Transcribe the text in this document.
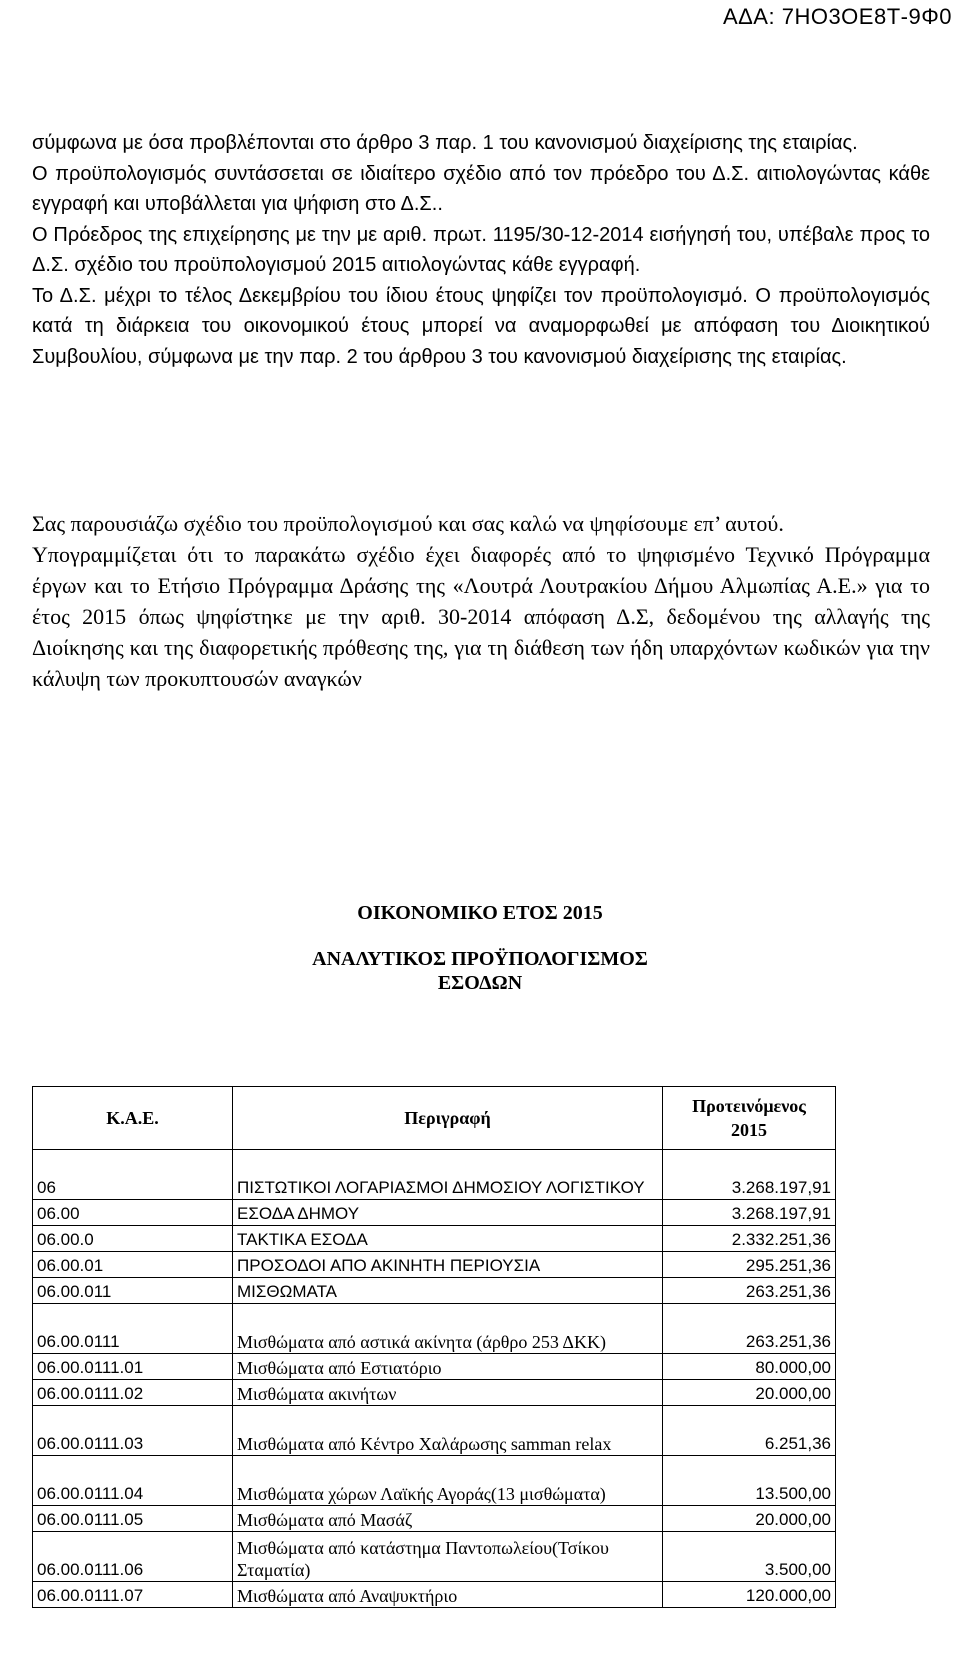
ΑΔΑ: 7ΗΟ3ΟΕ8Τ-9Φ0

σύμφωνα με όσα προβλέπονται στο άρθρο 3 παρ. 1 του κανονισμού διαχείρισης της εταιρίας.

Ο προϋπολογισμός συντάσσεται σε ιδιαίτερο σχέδιο από τον πρόεδρο του Δ.Σ. αιτιολογώντας κάθε εγγραφή και υποβάλλεται για ψήφιση στο Δ.Σ..

Ο Πρόεδρος της επιχείρησης με την με αριθ. πρωτ. 1195/30-12-2014 εισήγησή του, υπέβαλε προς το Δ.Σ. σχέδιο του προϋπολογισμού 2015 αιτιολογώντας κάθε εγγραφή.

Το Δ.Σ. μέχρι το τέλος Δεκεμβρίου του ίδιου έτους ψηφίζει τον προϋπολογισμό. Ο προϋπολογισμός κατά τη διάρκεια του οικονομικού έτους μπορεί να αναμορφωθεί με απόφαση του Διοικητικού Συμβουλίου, σύμφωνα με την παρ. 2 του άρθρου 3 του κανονισμού διαχείρισης της εταιρίας.

Σας παρουσιάζω σχέδιο του προϋπολογισμού και σας καλώ να ψηφίσουμε επ’ αυτού.

Υπογραμμίζεται ότι το παρακάτω σχέδιο έχει διαφορές από το ψηφισμένο Τεχνικό Πρόγραμμα έργων και το Ετήσιο Πρόγραμμα Δράσης της «Λουτρά Λουτρακίου Δήμου Αλμωπίας Α.Ε.» για το έτος 2015 όπως ψηφίστηκε με την αριθ. 30-2014 απόφαση Δ.Σ, δεδομένου της αλλαγής της Διοίκησης και της διαφορετικής πρόθεσης της, για τη διάθεση των ήδη υπαρχόντων κωδικών για την κάλυψη των προκυπτουσών αναγκών

ΟΙΚΟΝΟΜΙΚΟ ΕΤΟΣ 2015
ΑΝΑΛΥΤΙΚΟΣ ΠΡΟΫΠΟΛΟΓΙΣΜΟΣ
ΕΣΟΔΩΝ
Κ.Α.Ε.	Περιγραφή	Προτεινόμενος
2015

06	ΠΙΣΤΩΤΙΚΟΙ ΛΟΓΑΡΙΑΣΜΟΙ ΔΗΜΟΣΙΟΥ ΛΟΓΙΣΤΙΚΟΥ	3.268.197,91
06.00	ΕΣΟΔΑ ΔΗΜΟΥ	3.268.197,91
06.00.0	ΤΑΚΤΙΚΑ ΕΣΟΔΑ	2.332.251,36
06.00.01	ΠΡΟΣΟΔΟΙ ΑΠΟ ΑΚΙΝΗΤΗ ΠΕΡΙΟΥΣΙΑ	295.251,36
06.00.011	ΜΙΣΘΩΜΑΤΑ	263.251,36
06.00.0111	Μισθώματα από αστικά ακίνητα (άρθρο 253 ΔΚΚ)	263.251,36
06.00.0111.01	Μισθώματα από Εστιατόριο	80.000,00
06.00.0111.02	Μισθώματα ακινήτων	20.000,00
06.00.0111.03	Μισθώματα από Κέντρο Χαλάρωσης samman relax	6.251,36
06.00.0111.04	Μισθώματα χώρων Λαϊκής Αγοράς(13 μισθώματα)	13.500,00
06.00.0111.05	Μισθώματα από Μασάζ	20.000,00
06.00.0111.06	Μισθώματα από κατάστημα Παντοπωλείου(Τσίκου Σταματία)	3.500,00
06.00.0111.07	Μισθώματα από Αναψυκτήριο	120.000,00
